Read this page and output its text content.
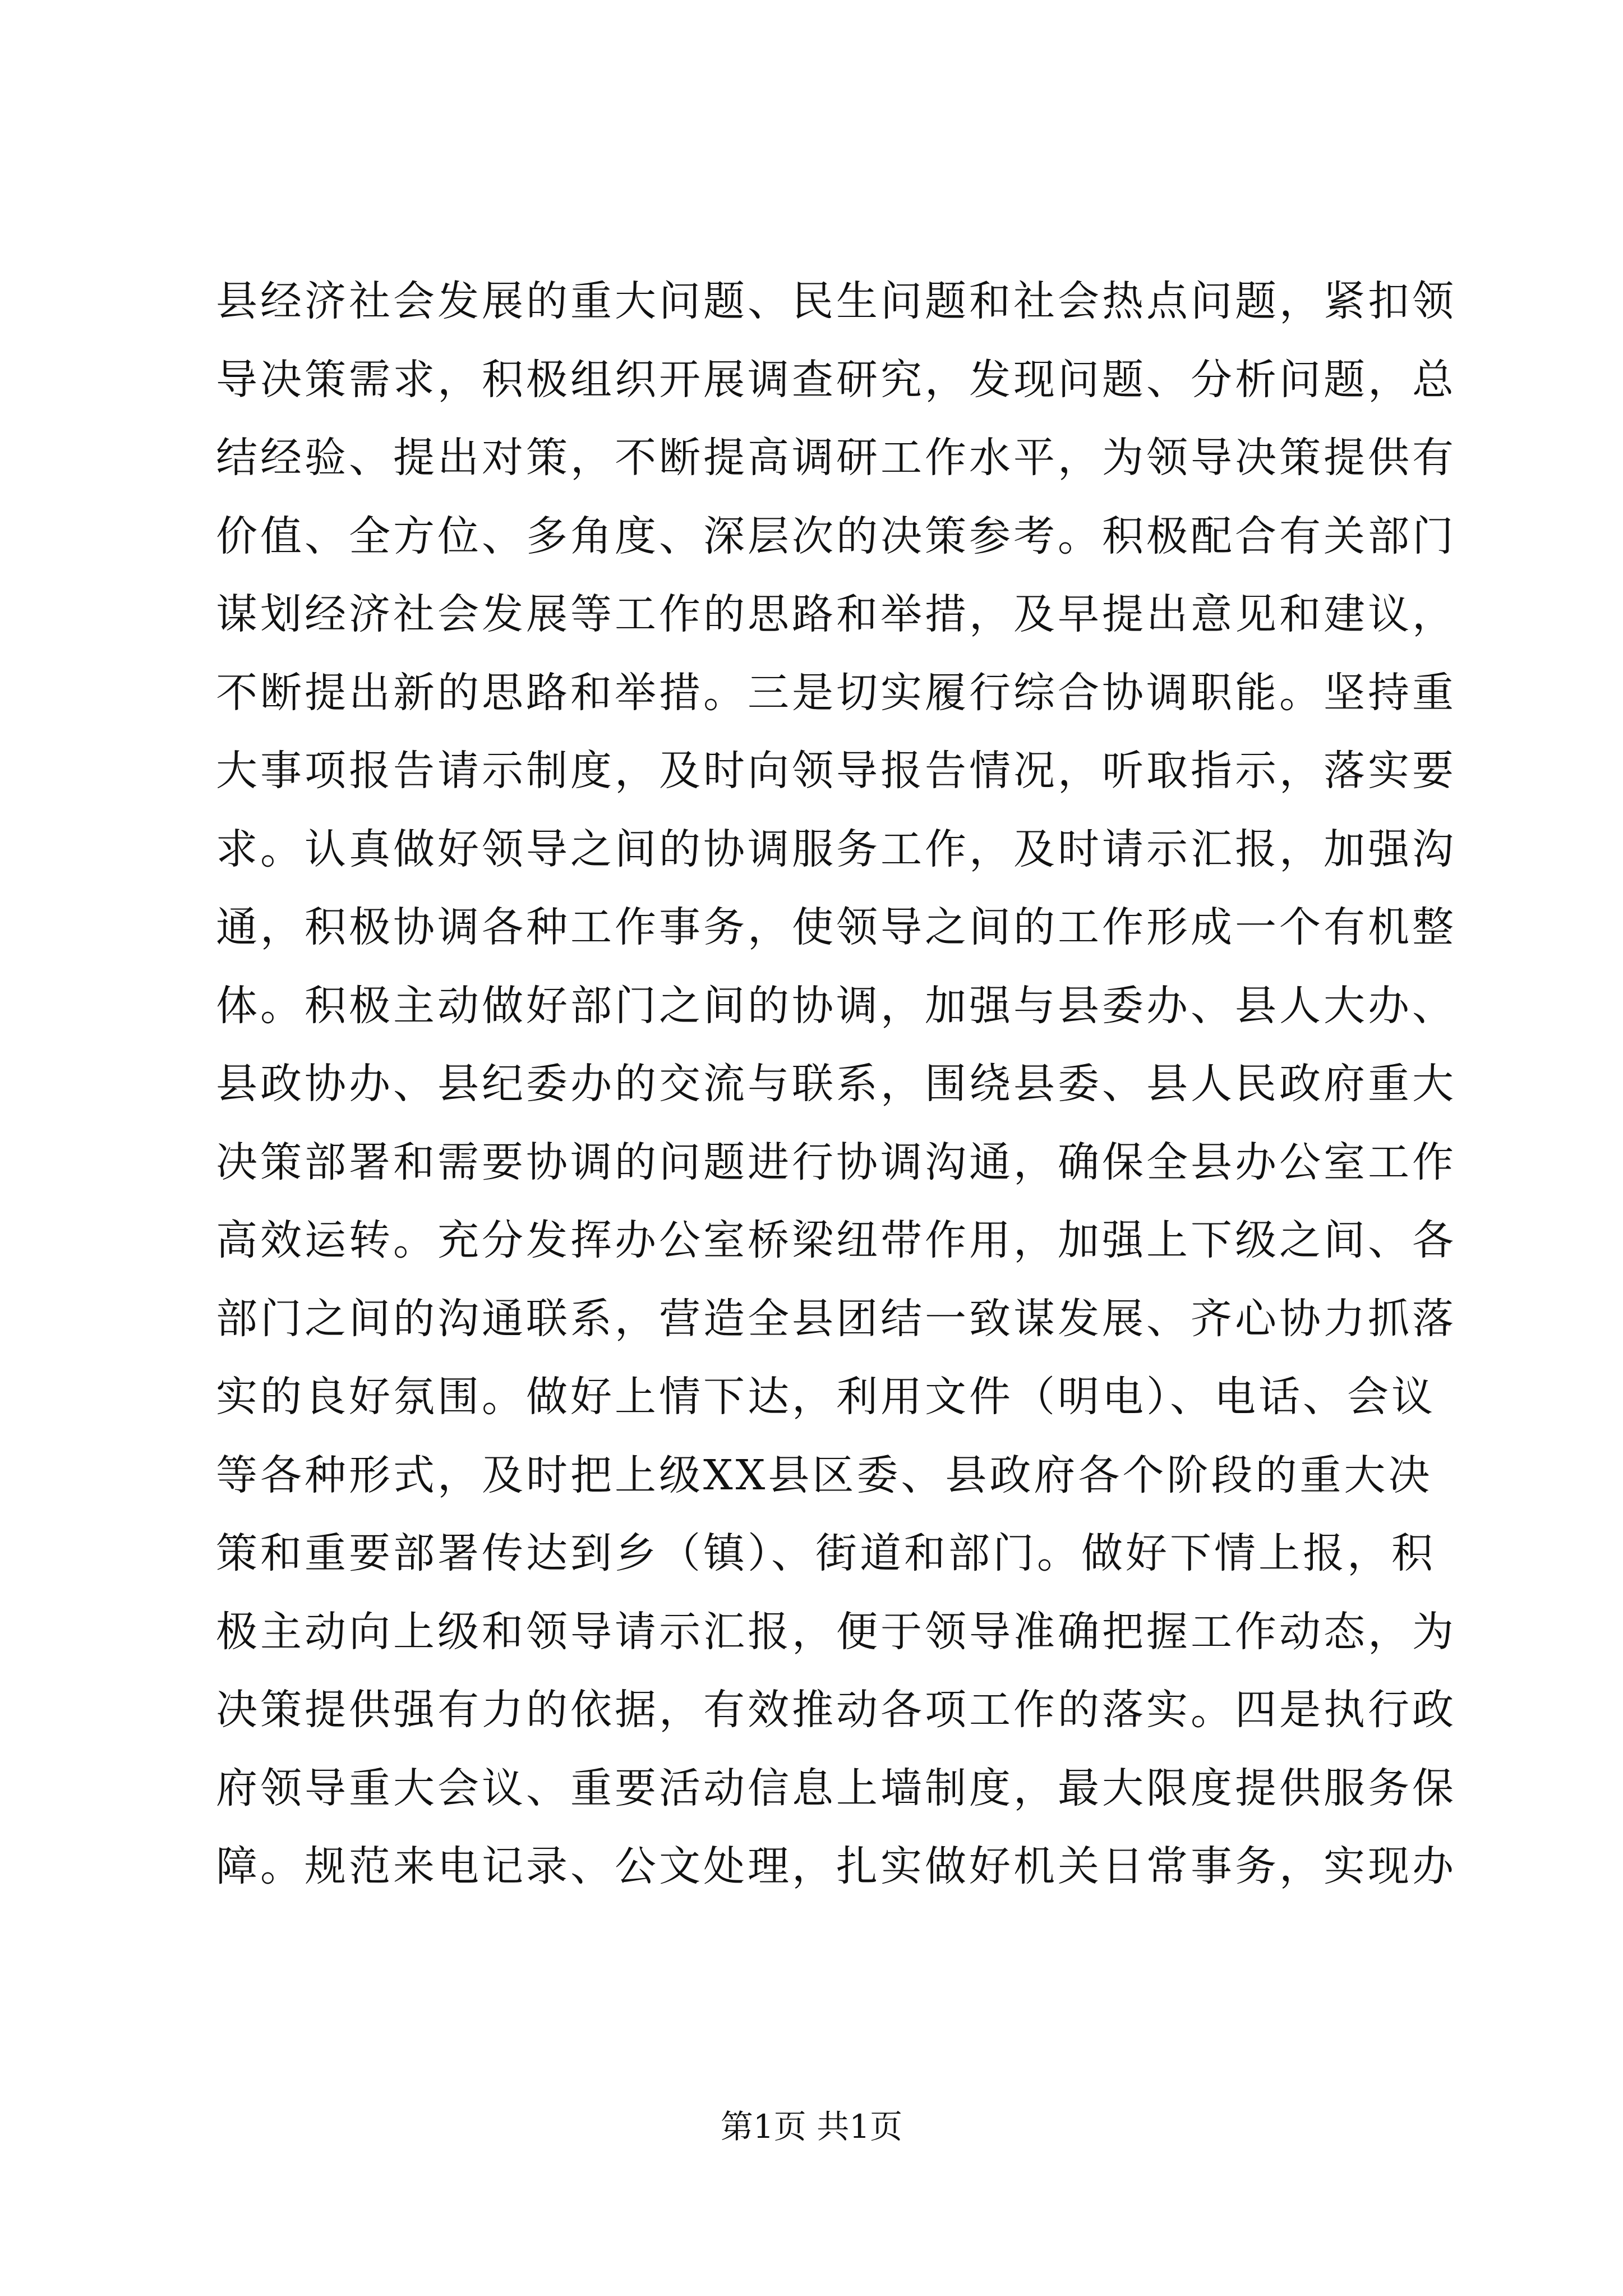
县经济社会发展的重大问题、民生问题和社会热点问题，紧扣领
导决策需求，积极组织开展调查研究，发现问题、分析问题，总
结经验、提出对策，不断提高调研工作水平，为领导决策提供有
价值、全方位、多角度、深层次的决策参考。积极配合有关部门
谋划经济社会发展等工作的思路和举措，及早提出意见和建议，
不断提出新的思路和举措。三是切实履行综合协调职能。坚持重
大事项报告请示制度，及时向领导报告情况，听取指示，落实要
求。认真做好领导之间的协调服务工作，及时请示汇报，加强沟
通，积极协调各种工作事务，使领导之间的工作形成一个有机整
体。积极主动做好部门之间的协调，加强与县委办、县人大办、
县政协办、县纪委办的交流与联系，围绕县委、县人民政府重大
决策部署和需要协调的问题进行协调沟通，确保全县办公室工作
高效运转。充分发挥办公室桥梁纽带作用，加强上下级之间、各
部门之间的沟通联系，营造全县团结一致谋发展、齐心协力抓落
实的良好氛围。做好上情下达，利用文件（明电）、电话、会议
等各种形式，及时把上级XX县区委、县政府各个阶段的重大决
策和重要部署传达到乡（镇）、街道和部门。做好下情上报，积
极主动向上级和领导请示汇报，便于领导准确把握工作动态，为
决策提供强有力的依据，有效推动各项工作的落实。四是执行政
府领导重大会议、重要活动信息上墙制度，最大限度提供服务保
障。规范来电记录、公文处理，扎实做好机关日常事务，实现办
第1页 共1页
